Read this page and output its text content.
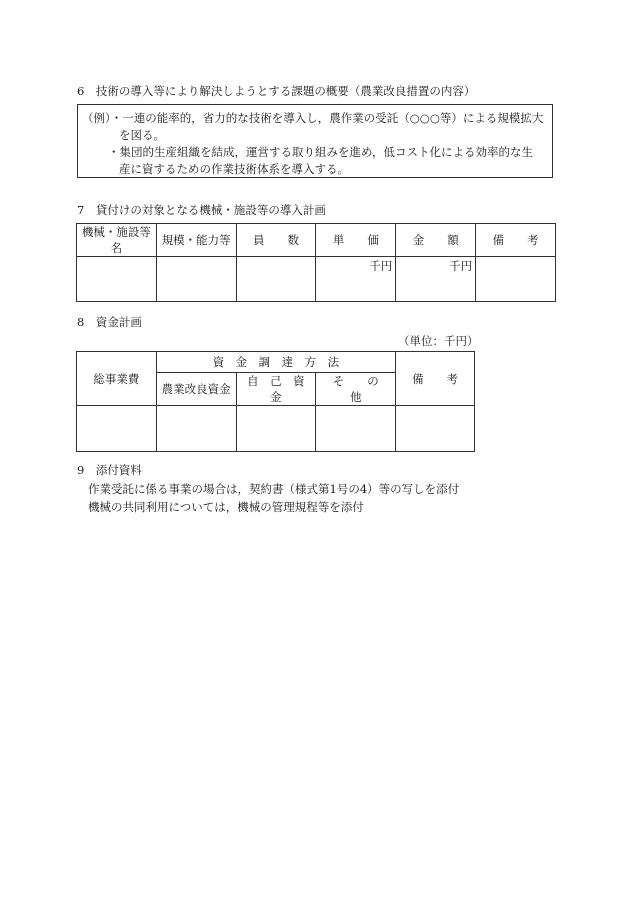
6　技術の導入等により解決しようとする課題の概要（農業改良措置の内容）
（例）・一連の能率的，省力的な技術を導入し，農作業の受託（○○○等）による規模拡大
を図る。
・集団的生産組織を結成，運営する取り組みを進め，低コスト化による効率的な生
産に資するための作業技術体系を導入する。
7　貸付けの対象となる機械・施設等の導入計画
機械・施設等名	規模・能力等	員　　数	単　　価	金　　額	備　　考
			千円	千円	
8　資金計画
（単位：千円）
総事業費	資　金　調　達　方　法			備　　考
	農業改良資金	自　己　資　金	そ　　の　　他	

9　添付資料
作業受託に係る事業の場合は，契約書（様式第1号の4）等の写しを添付
機械の共同利用については，機械の管理規程等を添付
